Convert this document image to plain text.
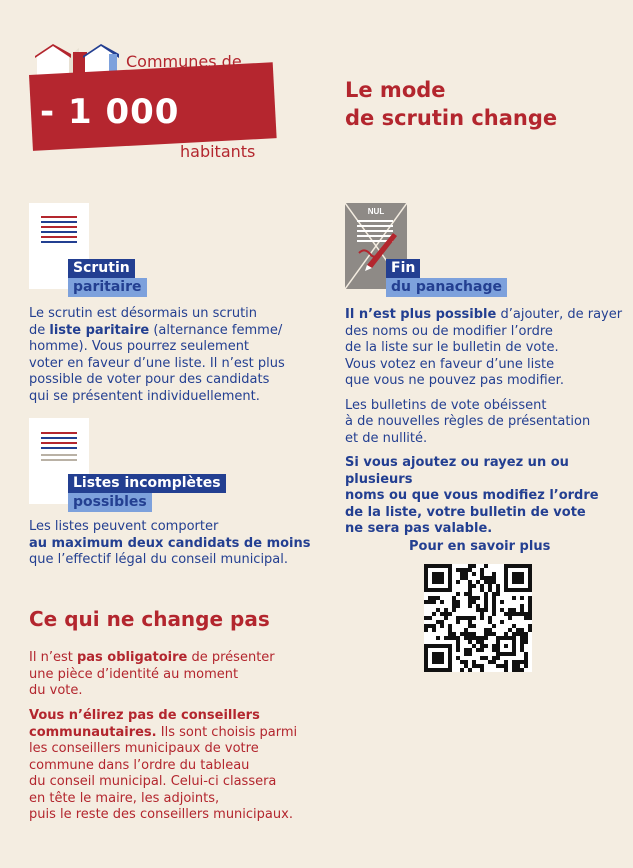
- 1 000
Communes de
habitants
Le mode
de scrutin change
Scrutin
paritaire
Le scrutin est désormais un scrutin
de liste paritaire (alternance femme/
homme). Vous pourrez seulement
voter en faveur d’une liste. Il n’est plus
possible de voter pour des candidats
qui se présentent individuellement.
Listes incomplètes
possibles
Les listes peuvent comporter
au maximum deux candidats de moins
que l’effectif légal du conseil municipal.
NUL
Fin
du panachage
Il n’est plus possible d’ajouter, de rayer
des noms ou de modifier l’ordre
de la liste sur le bulletin de vote.
Vous votez en faveur d’une liste
que vous ne pouvez pas modifier.
Les bulletins de vote obéissent
à de nouvelles règles de présentation
et de nullité.
Si vous ajoutez ou rayez un ou plusieurs
noms ou que vous modifiez l’ordre
de la liste, votre bulletin de vote
ne sera pas valable.
Pour en savoir plus
Ce qui ne change pas
Il n’est pas obligatoire de présenter
une pièce d’identité au moment
du vote.
Vous n’élirez pas de conseillers
communautaires. Ils sont choisis parmi
les conseillers municipaux de votre
commune dans l’ordre du tableau
du conseil municipal. Celui-ci classera
en tête le maire, les adjoints,
puis le reste des conseillers municipaux.
